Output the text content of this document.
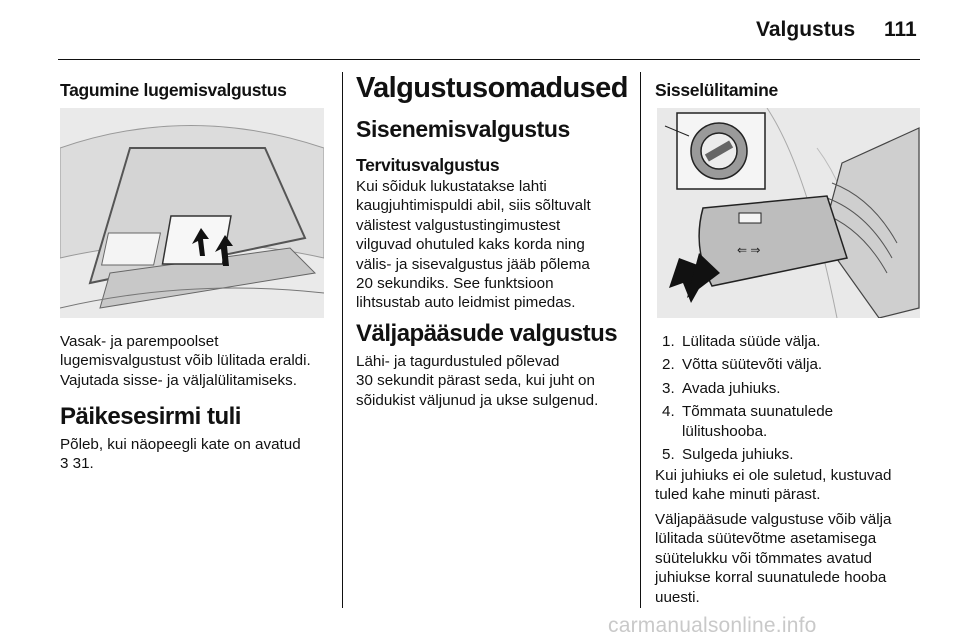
Valgustus 111
Tagumine lugemisvalgustus

Vasak- ja parempoolset
lugemisvalgustust võib lülitada eraldi.
Vajutada sisse- ja väljalülitamiseks.

Päikesesirmi tuli

Põleb, kui näopeegli kate on avatud
3 31.

Valgustusomadused
Sisenemisvalgustus
Tervitusvalgustus

Kui sõiduk lukustatakse lahti
kaugjuhtimispuldi abil, siis sõltuvalt
välistest valgustustingimustest
vilguvad ohutuled kaks korda ning
välis- ja sisevalgustus jääb põlema
20 sekundiks. See funktsioon
lihtsustab auto leidmist pimedas.

Väljapääsude valgustus

Lähi- ja tagurdustuled põlevad
30 sekundit pärast seda, kui juht on
sõidukist väljunud ja ukse sulgenud.

Sisselülitamine
⇐ ⇒
1. Lülitada süüde välja.
2. Võtta süütevõti välja.
3. Avada juhiuks.
4. Tõmmata suunatulede
lülitushooba.
5. Sulgeda juhiuks.

Kui juhiuks ei ole suletud, kustuvad
tuled kahe minuti pärast.

Väljapääsude valgustuse võib välja
lülitada süütevõtme asetamisega
süütelukku või tõmmates avatud
juhiukse korral suunatulede hooba
uuesti.

carmanualsonline.info
